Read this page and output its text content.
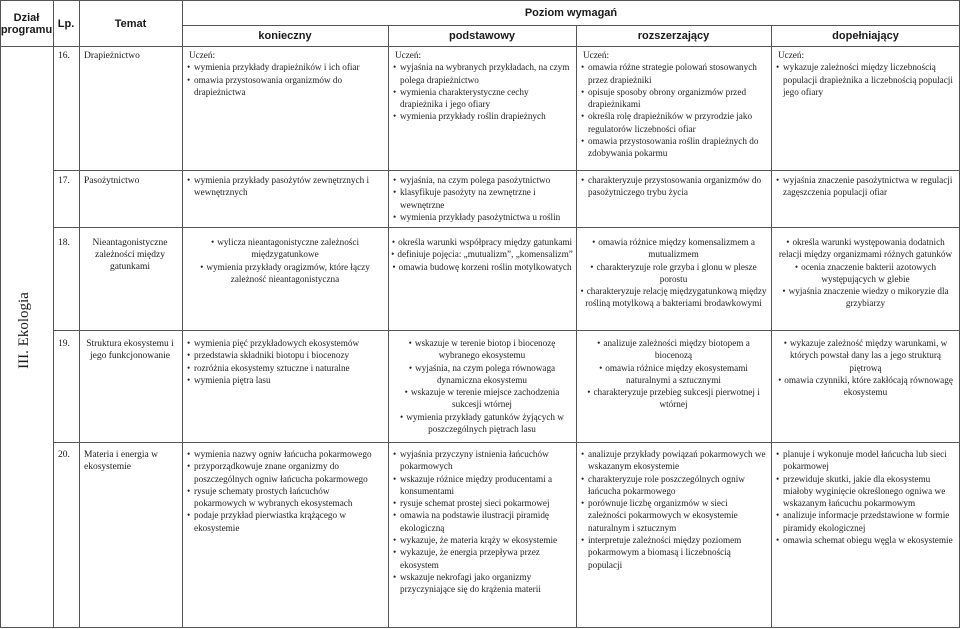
Dział programu Lp.	Temat
Poziom wymagań
konieczny	podstawowy	rozszerzający	dopełniający
III. Ekologia
16. Drapieżnictwo	Uczeń:
• wymienia przykłady drapieżników i ich ofiar
• omawia przystosowania organizmów do drapieżnictwa
Uczeń:
• wyjaśnia na wybranych przykładach, na czym polega drapieżnictwo
• wymienia charakterystyczne cechy drapieżnika i jego ofiary
• wymienia przykłady roślin drapieżnych
Uczeń:
• omawia różne strategie polowań stosowanych przez drapieżniki
• opisuje sposoby obrony organizmów przed drapieżnikami
• określa rolę drapieżników w przyrodzie jako regulatorów liczebności ofiar
• omawia przystosowania roślin drapieżnych do zdobywania pokarmu
Uczeń:
• wykazuje zależności między liczebnością populacji drapieżnika a liczebnością populacji jego ofiary
17. Pasożytnictwo
•	wymienia przykłady pasożytów zewnętrznych i wewnętrznych
• wyjaśnia, na czym polega pasożytnictwo
• klasyfikuje pasożyty na zewnętrzne i wewnętrzne
• wymienia przykłady pasożytnictwa u roślin
• charakteryzuje przystosowania organizmów do pasożytniczego trybu życia
• wyjaśnia znaczenie pasożytnictwa w regulacji zagęszczenia populacji ofiar
18.	Nieantagonistyczne zależności między gatunkami
• wylicza nieantagonistyczne zależności międzygatunkowe
• wymienia przykłady oragizmów, które łączy zależność nieantagonistyczna
• określa warunki współpracy między gatunkami
• definiuje pojęcia: „mutualizm”, „komensalizm”
• omawia budowę korzeni roślin motylkowatych
• omawia różnice między komensalizmem a mutualizmem
• charakteryzuje role grzyba i glonu w plesze porostu
• charakteryzuje relację międzygatunkową między rośliną motylkową a bakteriami brodawkowymi
• określa warunki występowania dodatnich relacji między organizmami różnych gatunków
• ocenia znaczenie bakterii azotowych występujących w glebie
• wyjaśnia znaczenie wiedzy o mikoryzie dla grzybiarzy
19.	Struktura ekosystemu i jego funkcjonowanie
• wymienia pięć przykładowych ekosystemów
• przedstawia składniki biotopu i biocenozy
• rozróżnia ekosystemy sztuczne i naturalne
• wymienia piętra lasu
• wskazuje w terenie biotop i biocenozę wybranego ekosystemu
• wyjaśnia, na czym polega równowaga dynamiczna ekosystemu
• wskazuje w terenie miejsce zachodzenia sukcesji wtórnej
• wymienia przykłady gatunków żyjących w poszczególnych piętrach lasu
• analizuje zależności między biotopem a biocenozą
• omawia różnice między ekosystemami naturalnymi a sztucznymi
• charakteryzuje przebieg sukcesji pierwotnej i wtórnej
• wykazuje zależność między warunkami, w których powstał dany las a jego strukturą piętrową
• omawia czynniki, które zakłócają równowagę ekosystemu
20. Materia i energia w ekosystemie
• wymienia nazwy ogniw łańcucha pokarmowego
• przyporządkowuje znane organizmy do poszczególnych ogniw łańcucha pokarmowego
• rysuje schematy prostych łańcuchów pokarmowych w wybranych ekosystemach
• podaje przykład pierwiastka krążącego w ekosystemie
• wyjaśnia przyczyny istnienia łańcuchów pokarmowych
• wskazuje różnice między producentami a konsumentami
• rysuje schemat prostej sieci pokarmowej
• omawia na podstawie ilustracji piramidę ekologiczną
• wykazuje, że materia krąży w ekosystemie
• wykazuje, że energia przepływa przez ekosystem
• wskazuje nekrofagi jako organizmy przyczyniające się do krążenia materii
• analizuje przykłady powiązań pokarmowych we wskazanym ekosystemie
• charakteryzuje role poszczególnych ogniw łańcucha pokarmowego
• porównuje liczbę organizmów w sieci zależności pokarmowych w ekosystemie naturalnym i sztucznym
• interpretuje zależności między poziomem pokarmowym a biomasą i liczebnością populacji
• planuje i wykonuje model łańcucha lub sieci pokarmowej
• przewiduje skutki, jakie dla ekosystemu miałoby wyginięcie określonego ogniwa we wskazanym łańcuchu pokarmowym
• analizuje informacje przedstawione w formie piramidy ekologicznej
• omawia schemat obiegu węgla w ekosystemie
